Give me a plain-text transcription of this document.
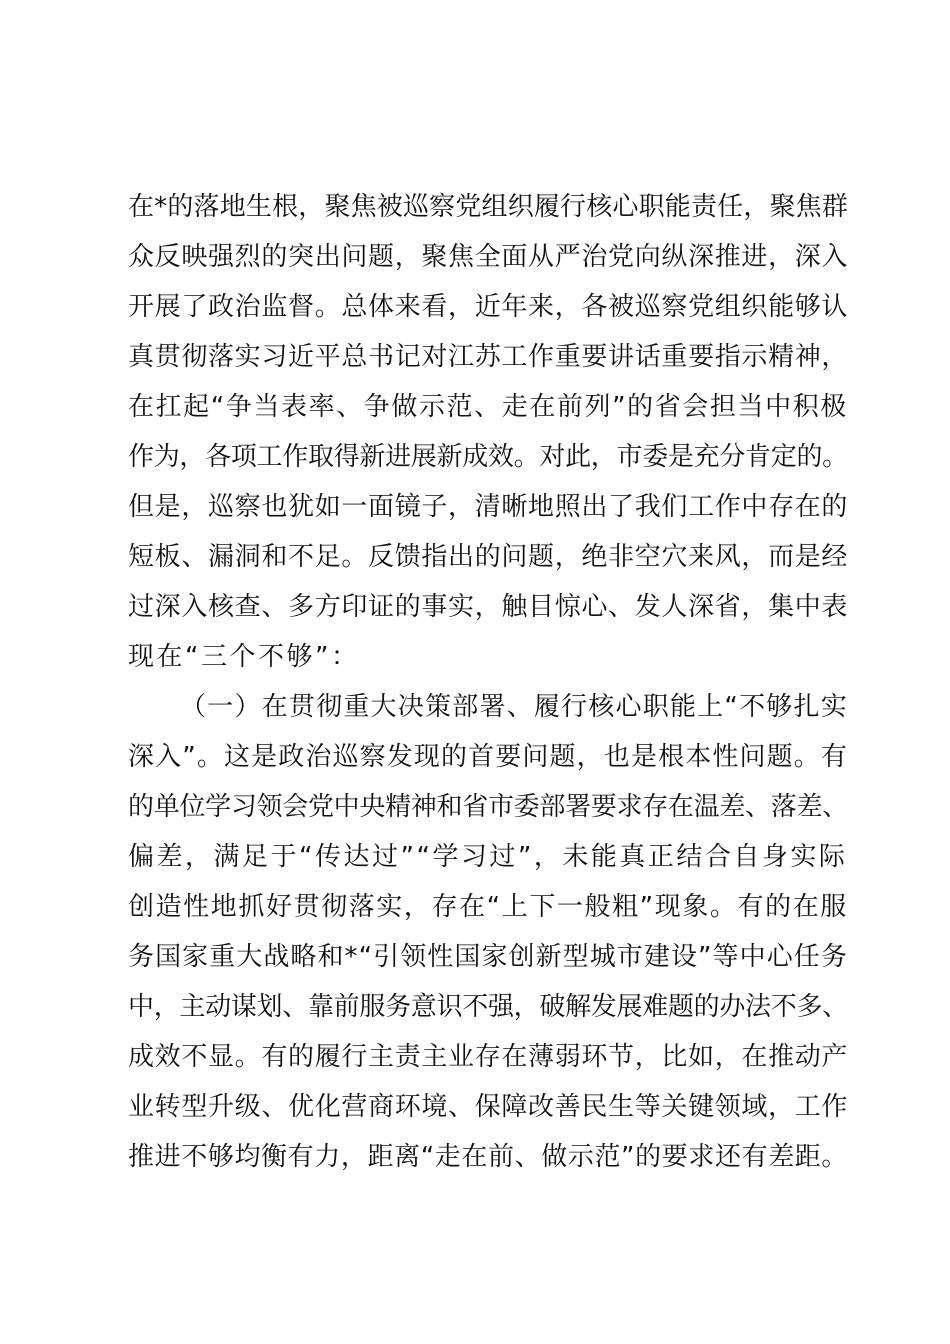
在*的落地生根，聚焦被巡察党组织履行核心职能责任，聚焦群
众反映强烈的突出问题，聚焦全面从严治党向纵深推进，深入
开展了政治监督。总体来看，近年来，各被巡察党组织能够认
真贯彻落实习近平总书记对江苏工作重要讲话重要指示精神，
在扛起“争当表率、争做示范、走在前列”的省会担当中积极
作为，各项工作取得新进展新成效。对此，市委是充分肯定的。
但是，巡察也犹如一面镜子，清晰地照出了我们工作中存在的
短板、漏洞和不足。反馈指出的问题，绝非空穴来风，而是经
过深入核查、多方印证的事实，触目惊心、发人深省，集中表
现在“三个不够”：
（一）在贯彻重大决策部署、履行核心职能上“不够扎实
深入”。这是政治巡察发现的首要问题，也是根本性问题。有
的单位学习领会党中央精神和省市委部署要求存在温差、落差、
偏差，满足于“传达过”“学习过”，未能真正结合自身实际
创造性地抓好贯彻落实，存在“上下一般粗”现象。有的在服
务国家重大战略和*“引领性国家创新型城市建设”等中心任务
中，主动谋划、靠前服务意识不强，破解发展难题的办法不多、
成效不显。有的履行主责主业存在薄弱环节，比如，在推动产
业转型升级、优化营商环境、保障改善民生等关键领域，工作
推进不够均衡有力，距离“走在前、做示范”的要求还有差距。
